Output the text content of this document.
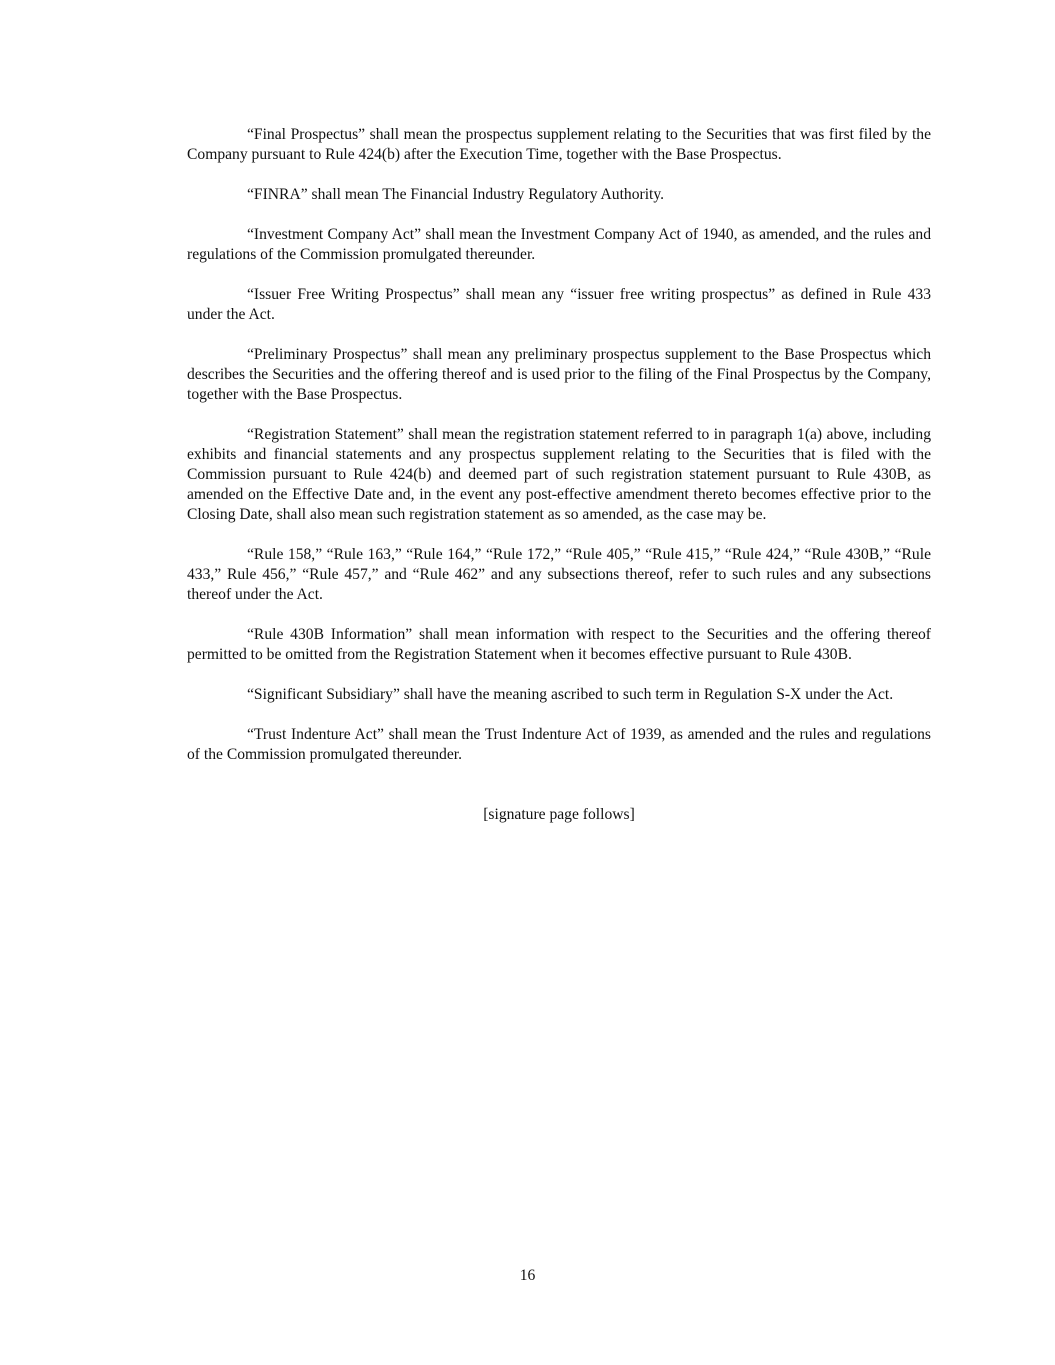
“Final Prospectus” shall mean the prospectus supplement relating to the Securities that was first filed by the Company pursuant to Rule 424(b) after the Execution Time, together with the Base Prospectus.

“FINRA” shall mean The Financial Industry Regulatory Authority.

“Investment Company Act” shall mean the Investment Company Act of 1940, as amended, and the rules and regulations of the Commission promulgated thereunder.

“Issuer Free Writing Prospectus” shall mean any “issuer free writing prospectus” as defined in Rule 433 under the Act.

“Preliminary Prospectus” shall mean any preliminary prospectus supplement to the Base Prospectus which describes the Securities and the offering thereof and is used prior to the filing of the Final Prospectus by the Company, together with the Base Prospectus.

“Registration Statement” shall mean the registration statement referred to in paragraph 1(a) above, including exhibits and financial statements and any prospectus supplement relating to the Securities that is filed with the Commission pursuant to Rule 424(b) and deemed part of such registration statement pursuant to Rule 430B, as amended on the Effective Date and, in the event any post-effective amendment thereto becomes effective prior to the Closing Date, shall also mean such registration statement as so amended, as the case may be.

“Rule 158,” “Rule 163,” “Rule 164,” “Rule 172,” “Rule 405,” “Rule 415,” “Rule 424,” “Rule 430B,” “Rule 433,” Rule 456,” “Rule 457,” and “Rule 462” and any subsections thereof, refer to such rules and any subsections thereof under the Act.

“Rule 430B Information” shall mean information with respect to the Securities and the offering thereof permitted to be omitted from the Registration Statement when it becomes effective pursuant to Rule 430B.

“Significant Subsidiary” shall have the meaning ascribed to such term in Regulation S-X under the Act.

“Trust Indenture Act” shall mean the Trust Indenture Act of 1939, as amended and the rules and regulations of the Commission promulgated thereunder.

[signature page follows]
16
